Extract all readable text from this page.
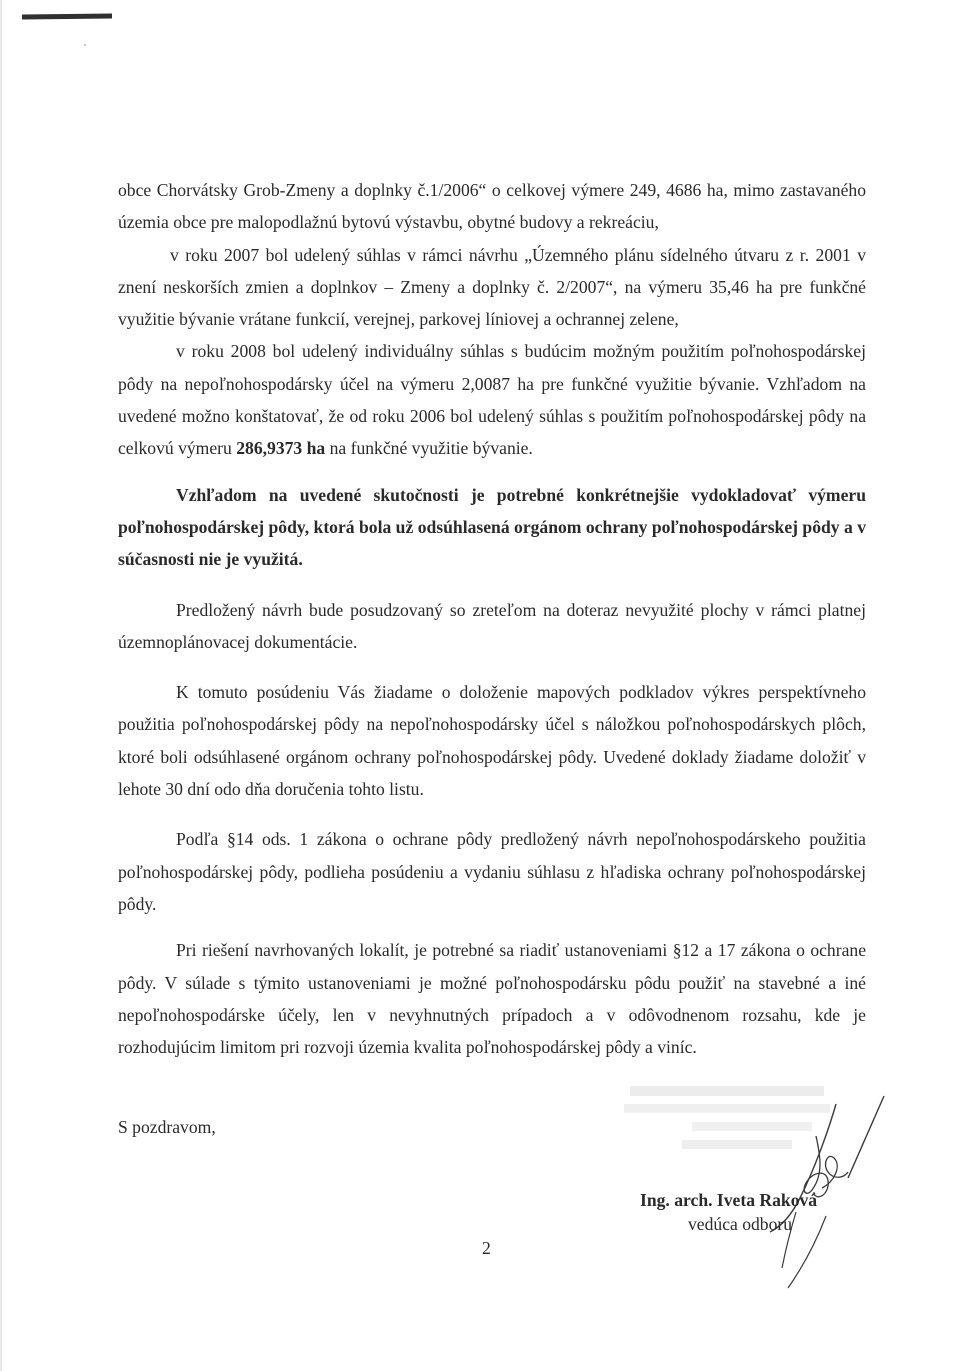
obce Chorvátsky Grob-Zmeny a doplnky č.1/2006“ o celkovej výmere 249, 4686 ha, mimo zastavaného územia obce pre malopodlažnú bytovú výstavbu, obytné budovy a rekreáciu,

v roku 2007 bol udelený súhlas v rámci návrhu „Územného plánu sídelného útvaru z r. 2001 v znení neskorších zmien a doplnkov – Zmeny a doplnky č. 2/2007“, na výmeru 35,46 ha pre funkčné využitie bývanie vrátane funkcií, verejnej, parkovej líniovej a ochrannej zelene,

v roku 2008 bol udelený individuálny súhlas s budúcim možným použitím poľnohospodárskej pôdy na nepoľnohospodársky účel na výmeru 2,0087 ha pre funkčné využitie bývanie. Vzhľadom na uvedené možno konštatovať, že od roku 2006 bol udelený súhlas s použitím poľnohospodárskej pôdy na celkovú výmeru 286,9373 ha na funkčné využitie bývanie.

Vzhľadom na uvedené skutočnosti je potrebné konkrétnejšie vydokladovať výmeru poľnohospodárskej pôdy, ktorá bola už odsúhlasená orgánom ochrany poľnohospodárskej pôdy a v súčasnosti nie je využitá.

Predložený návrh bude posudzovaný so zreteľom na doteraz nevyužité plochy v rámci platnej územnoplánovacej dokumentácie.

K tomuto posúdeniu Vás žiadame o doloženie mapových podkladov výkres perspektívneho použitia poľnohospodárskej pôdy na nepoľnohospodársky účel s náložkou poľnohospodárskych plôch, ktoré boli odsúhlasené orgánom ochrany poľnohospodárskej pôdy. Uvedené doklady žiadame doložiť v lehote 30 dní odo dňa doručenia tohto listu.

Podľa §14 ods. 1 zákona o ochrane pôdy predložený návrh nepoľnohospodárskeho použitia poľnohospodárskej pôdy, podlieha posúdeniu a vydaniu súhlasu z hľadiska ochrany poľnohospodárskej pôdy.

Pri riešení navrhovaných lokalít, je potrebné sa riadiť ustanoveniami §12 a 17 zákona o ochrane pôdy. V súlade s týmito ustanoveniami je možné poľnohospodársku pôdu použiť na stavebné a iné nepoľnohospodárske účely, len v nevyhnutných prípadoch a v odôvodnenom rozsahu, kde je rozhodujúcim limitom pri rozvoji územia kvalita poľnohospodárskej pôdy a viníc.

S pozdravom,
Ing. arch. Iveta Raková
vedúca odboru
2
